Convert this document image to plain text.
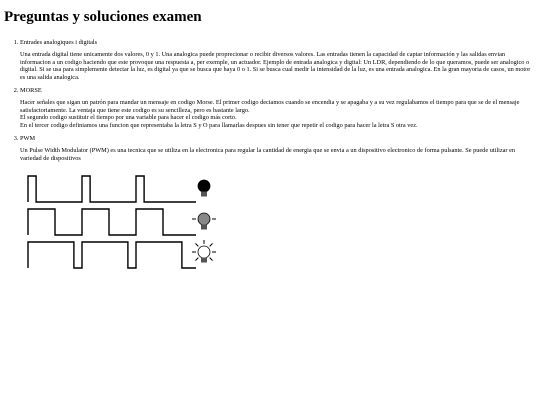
Preguntas y soluciones examen
1. Entrades analogiques i digitals

Una entrada digital tiene unicamente dos valores, 0 y 1. Una analogica puede proprecionar o recibir diversos valores. Las entradas tienen la capacidad de captar información y las salidas envian informacion a un codigo haciendo que este provoque una respuesta a, per exemple, un actuador. Ejemplo de entrada analogica y digital: Un LDR, dependiendo de lo que queramos, puede ser analogico o digital. Si se usa para simplemente detectar la luz, es digital ya que se busca que haya 0 o 1. Si se busca cual medir la intensidad de la luz, es una entrada analogica. En la gran mayoria de casos, un motor es una salida analogica.

2. MORSE

Hacer señales que sigan un patrón para mandar un mensaje en codigo Morse. El primer codigo deciamos cuando se encendia y se apagaba y a su vez regulabamos el tiempo para que se de el mensaje satisfactoriamente. La ventaja que tiene este codigo es su sencilleza, pero es bastante largo.

El segundo codigo sustituir el tiempo por una variable para hacer el codigo más corto.

En el tercer codigo definiamos una funcion que representaba la letra S y O para llamarlas despues sin tener que repetir el codigo para hacer la letra S otra vez.

3. PWM

Un Pulse Width Modulator (PWM) es una tecnica que se utiliza en la electronica para regular la cantidad de energia que se envia a un dispositivo electronico de forma pulsante. Se puede utilizar en variedad de dispositivos
